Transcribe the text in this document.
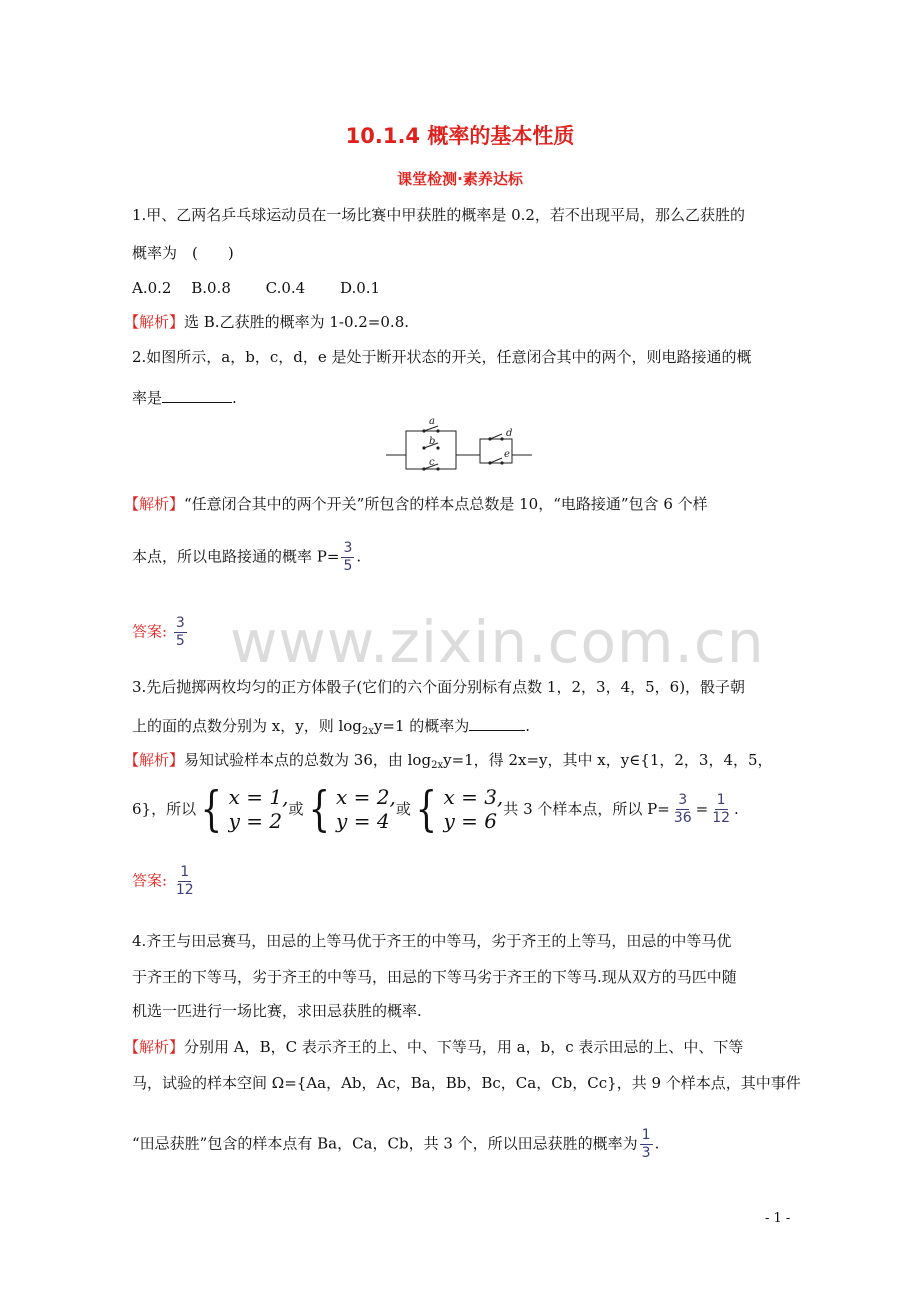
10.1.4 概率的基本性质
课堂检测·素养达标
1.甲、乙两名乒乓球运动员在一场比赛中甲获胜的概率是 0.2，若不出现平局，那么乙获胜的
概率为　(　　)
A.0.2　 B.0.8　　 C.0.4　　 D.0.1
【解析】选 B.乙获胜的概率为 1-0.2=0.8.
2.如图所示，a，b，c，d，e 是处于断开状态的开关，任意闭合其中的两个，则电路接通的概
率是	.
a
b
c
d
e
【解析】“任意闭合其中的两个开关”所包含的样本点总数是 10，“电路接通”包含 6 个样
本点，所以电路接通的概率 $P= \frac{3}{5}$ .
答案: $\frac{3}{5}$ www.zixin.com.cn
3.先后抛掷两枚均匀的正方体骰子(它们的六个面分别标有点数 1，2，3，4，5，6)，骰子朝
上的面的点数分别为 x，y，则 $\log_{2x}y=1$ 的概率为	.
【解析】易知试验样本点的总数为 36，由 $\log_{2x}y=1$，得 2x=y，其中 x，y∈{1，2，3，4，5，
6}，所以 { x = 1,
y = 2 或 { x = 2,
y = 4 或 { x = 3,
y = 6 共 3 个样本点，所以 $P= \frac{3}{36} = \frac{1}{12}$ .
答案: $\frac{1}{12}$
4.齐王与田忌赛马，田忌的上等马优于齐王的中等马，劣于齐王的上等马，田忌的中等马优
于齐王的下等马，劣于齐王的中等马，田忌的下等马劣于齐王的下等马.现从双方的马匹中随
机选一匹进行一场比赛，求田忌获胜的概率.
【解析】分别用 A，B，C 表示齐王的上、中、下等马，用 a，b，c 表示田忌的上、中、下等
马，试验的样本空间 Ω={Aa，Ab，Ac，Ba，Bb，Bc，Ca，Cb，Cc}，共 9 个样本点，其中事件
“田忌获胜”包含的样本点有 Ba，Ca，Cb，共 3 个，所以田忌获胜的概率为 $\frac{1}{3}$ .
- 1 -
